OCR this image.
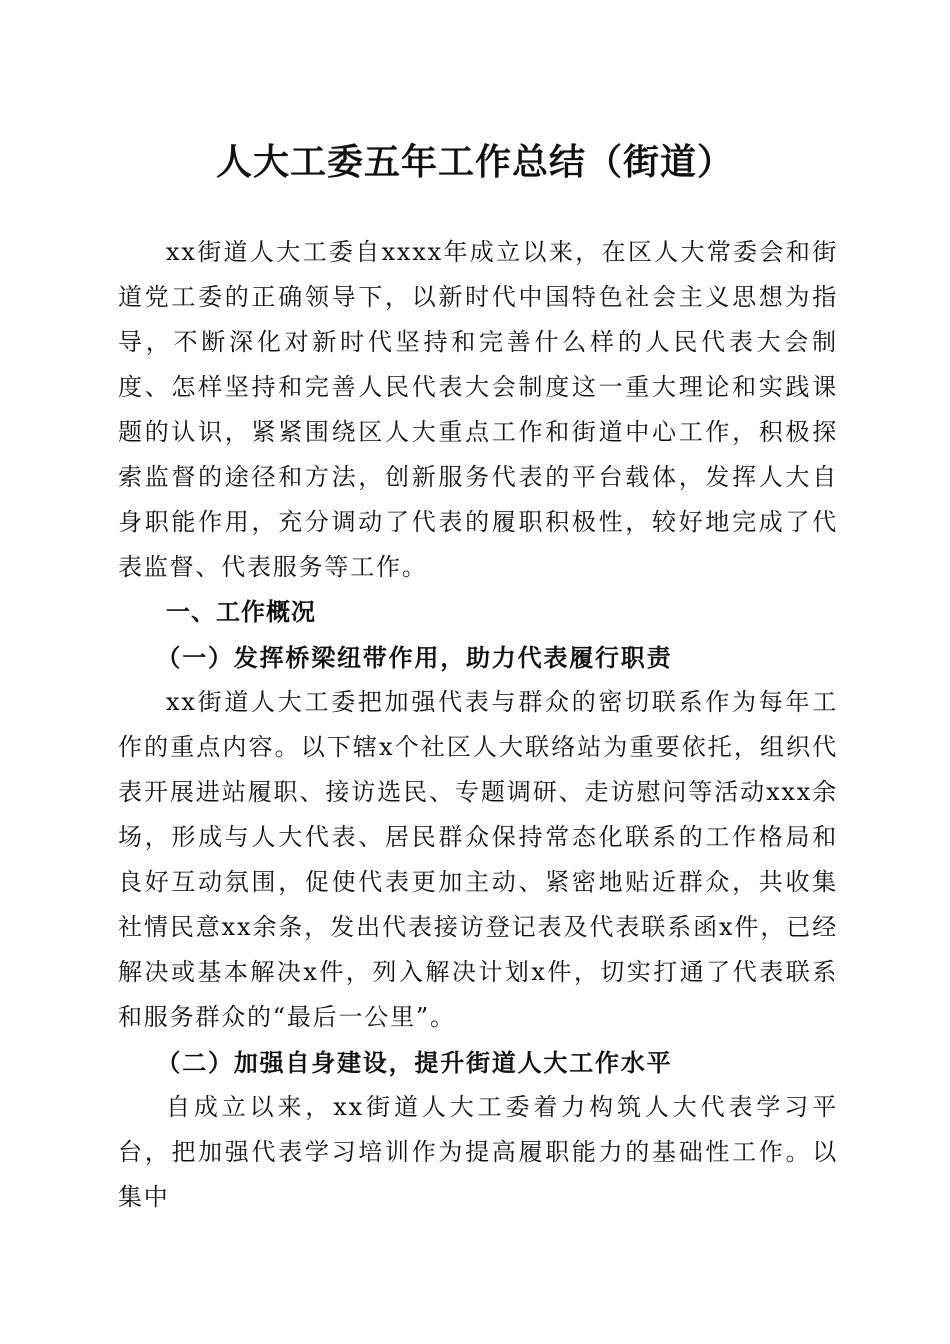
人大工委五年工作总结（街道）

xx街道人大工委自xxxx年成立以来，在区人大常委会和街道党工委的正确领导下，以新时代中国特色社会主义思想为指导，不断深化对新时代坚持和完善什么样的人民代表大会制度、怎样坚持和完善人民代表大会制度这一重大理论和实践课题的认识，紧紧围绕区人大重点工作和街道中心工作，积极探索监督的途径和方法，创新服务代表的平台载体，发挥人大自身职能作用，充分调动了代表的履职积极性，较好地完成了代表监督、代表服务等工作。

一、工作概况

（一）发挥桥梁纽带作用，助力代表履行职责

xx街道人大工委把加强代表与群众的密切联系作为每年工作的重点内容。以下辖x个社区人大联络站为重要依托，组织代表开展进站履职、接访选民、专题调研、走访慰问等活动xxx余场，形成与人大代表、居民群众保持常态化联系的工作格局和良好互动氛围，促使代表更加主动、紧密地贴近群众，共收集社情民意xx余条，发出代表接访登记表及代表联系函x件，已经解决或基本解决x件，列入解决计划x件，切实打通了代表联系和服务群众的“最后一公里”。

（二）加强自身建设，提升街道人大工作水平

自成立以来，xx街道人大工委着力构筑人大代表学习平台，把加强代表学习培训作为提高履职能力的基础性工作。以集中
